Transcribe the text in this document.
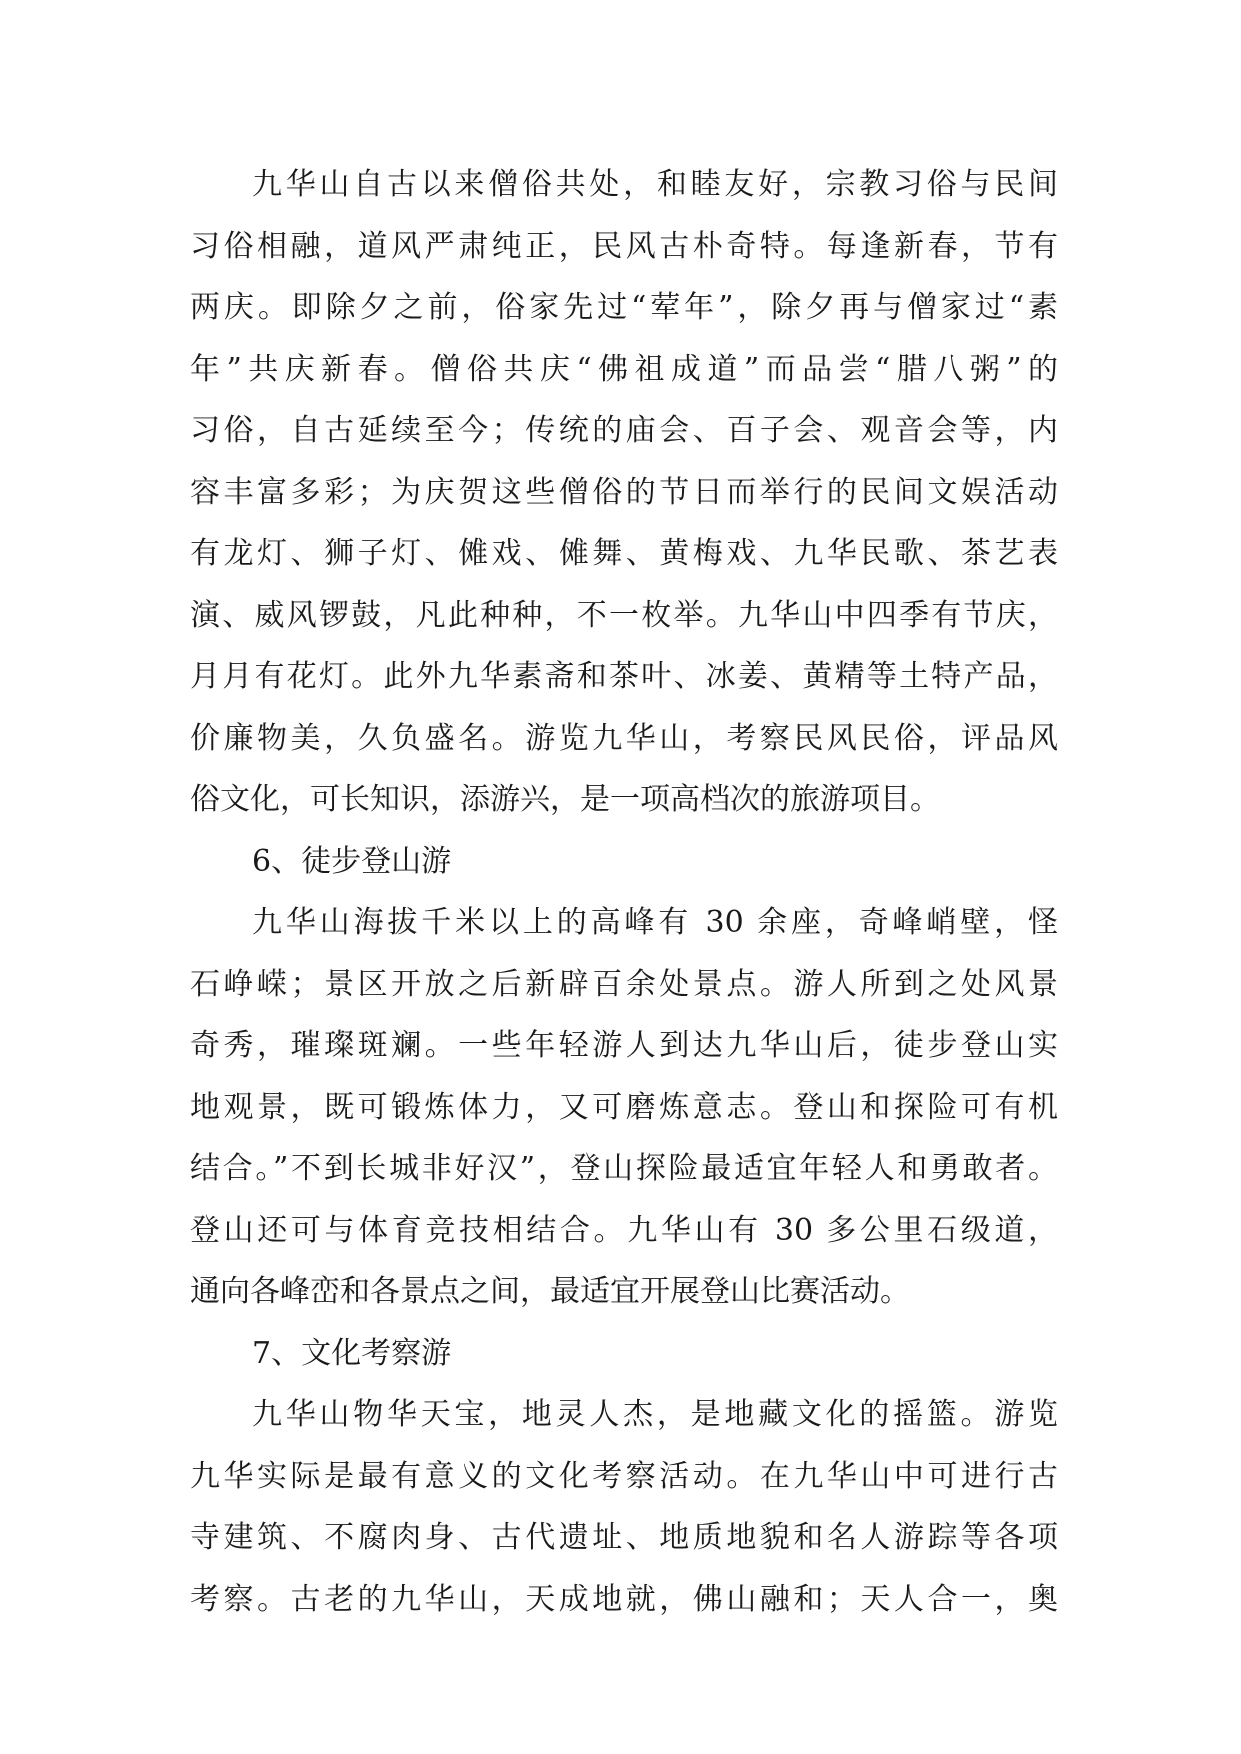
九华山自古以来僧俗共处，和睦友好，宗教习俗与民间
习俗相融，道风严肃纯正，民风古朴奇特。每逢新春，节有
两庆。即除夕之前，俗家先过“荤年”，除夕再与僧家过“素
年”共庆新春。僧俗共庆“佛祖成道”而品尝“腊八粥”的
习俗，自古延续至今；传统的庙会、百子会、观音会等，内
容丰富多彩；为庆贺这些僧俗的节日而举行的民间文娱活动
有龙灯、狮子灯、傩戏、傩舞、黄梅戏、九华民歌、茶艺表
演、威风锣鼓，凡此种种，不一枚举。九华山中四季有节庆，
月月有花灯。此外九华素斋和茶叶、冰姜、黄精等土特产品，
价廉物美，久负盛名。游览九华山，考察民风民俗，评品风
俗文化，可长知识，添游兴，是一项高档次的旅游项目。
6、徒步登山游
九华山海拔千米以上的高峰有 30 余座，奇峰峭壁，怪
石峥嵘；景区开放之后新辟百余处景点。游人所到之处风景
奇秀，璀璨斑斓。一些年轻游人到达九华山后，徒步登山实
地观景，既可锻炼体力，又可磨炼意志。登山和探险可有机
结合。”不到长城非好汉”，登山探险最适宜年轻人和勇敢者。
登山还可与体育竞技相结合。九华山有 30 多公里石级道，
通向各峰峦和各景点之间，最适宜开展登山比赛活动。
7、文化考察游
九华山物华天宝，地灵人杰，是地藏文化的摇篮。游览
九华实际是最有意义的文化考察活动。在九华山中可进行古
寺建筑、不腐肉身、古代遗址、地质地貌和名人游踪等各项
考察。古老的九华山，天成地就，佛山融和；天人合一，奥
